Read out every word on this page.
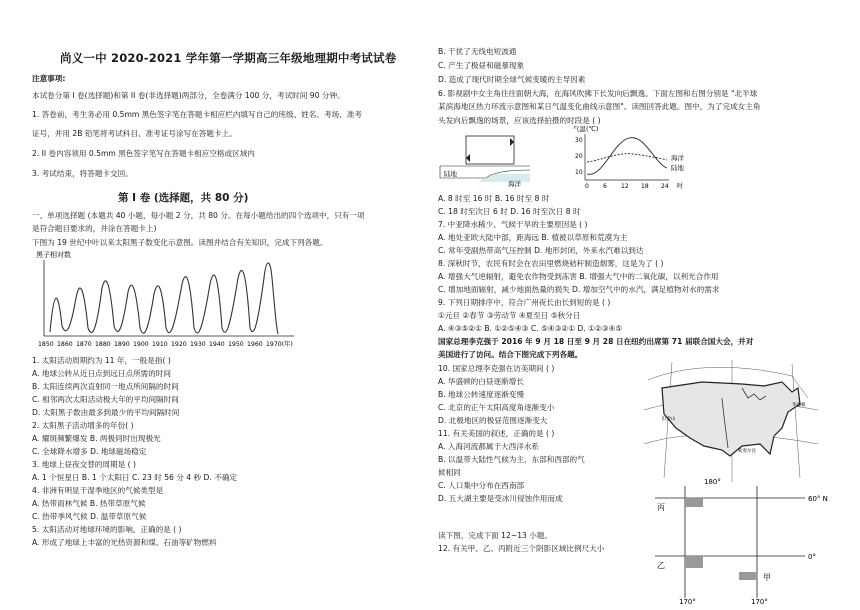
尚义一中 2020-2021 学年第一学期高三年级地理期中考试试卷
注意事项:
本试卷分第 I 卷(选择题)和第 II 卷(非选择题)两部分，全卷满分 100 分，考试时间 90 分钟。
1. 答卷前，考生务必用 0.5mm 黑色签字笔在答题卡相应栏内填写自己的班级、姓名、考场、准考
证号，并用 2B 铅笔将考试科目、准考证号涂写在答题卡上。
2. II 卷内容须用 0.5mm 黑色签字笔写在答题卡相应空格或区域内
3. 考试结束，将答题卡交回。
第 Ⅰ 卷 (选择题，共 80 分)
一、单项选择题 (本题共 40 小题，每小题 2 分，共 80 分。在每小题给出的四个选项中，只有一项
是符合题目要求的，并涂在答题卡上)
下图为 19 世纪中叶以来太阳黑子数变化示意图。读图并结合有关知识，完成下列各题。
黑子相对数
1850 1860 1870 1880 1890 1900 1910 1920 1930 1940 1950 1960 1970(年)
1. 太阳活动周期约为 11 年，一般是指( )
A. 地球公转从近日点到远日点所需的时间
B. 太阳连续两次直射同一地点所间隔的时间
C. 相邻两次太阳活动极大年的平均间隔时间
D. 太阳黑子数由最多到最少的平均间隔时间
2. 太阳黑子活动增多的年份( )
A. 耀斑频繁爆发 B. 两极同时出现极光
C. 全球降水增多 D. 地球磁场稳定
3. 地球上昼夜交替的周期是 ( )
A. 1 个恒星日 B. 1 个太阳日 C. 23 时 56 分 4 秒 D. 不确定
4. 非洲有明显干湿季地区的气候类型是
A. 热带雨林气候 B. 热带草原气候
C. 热带季风气候 D. 温带草原气候
5. 太阳活动对地球环境的影响，正确的是 ( )
A. 形成了地球上丰富的光热资源和煤、石油等矿物燃料
B. 干扰了无线电短波通
C. 产生了极昼和磁暴现象
D. 造成了现代时期全球气候变暖的主导因素
6. 影视剧中女主角往往面朝大海，在海风吹拂下长发向后飘逸。下面左图和右图分别是 "北半球
某滨海地区热力环流示意图和某日气温变化曲线示意图"。读图回答此题。图中，为了完成女主角
头发向后飘逸的场景，应该选择拍摄的时段是 ( )
陆地
海洋
气温(℃)
30
20
10
海洋
陆地
0 6 12 18 24 时
A. 8 时至 16 时 B. 16 时至 8 时
C. 18 时至次日 6 时 D. 16 时至次日 8 时
7. 中亚降水稀少、气候干旱的主要原因是 ( )
A. 地处亚欧大陆中部，距海远 B. 植被以草原和荒漠为主
C. 常年受副热带高气压控制 D. 地形封闭，外来水汽难以到达
8. 深秋时节，农民有时会在农田里燃烧秸秆制造烟雾，这是为了 ( )
A. 增强大气逆辐射，避免农作物受到冻害 B. 增强大气中的二氧化碳，以利光合作用
C. 增加地面辐射，减少地面热量的损失 D. 增加空气中的水汽，满足植物对水的需求
9. 下列日期排序中，符合广州夜长由长到短的是 ( )
①元旦 ②春节 ③劳动节 ④夏至日 ⑤秋分日
A. ④③⑤②① B. ①②⑤④③ C. ⑤④③②① D. ①②③④⑤
国家总理李克强于 2016 年 9 月 18 日至 9 月 28 日在纽约出席第 71 届联合国大会，并对
美国进行了访问。结合下图完成下列各题。
10. 国家总理李克强在访美期间 ( )
A. 华盛顿的白昼逐渐增长
B. 地球公转速度逐渐变慢
C. 北京的正午太阳高度角逐渐变小
D. 北极地区的极昼范围逐渐变大
11. 有关美国的叙述，正确的是 ( )
A. 入海河流都属于大西洋水系
B. 以温带大陆性气候为主，东部和西部的气
候相同
C. 人口集中分布在西南部
D. 五大湖主要是受冰川侵蚀作用而成
读下图，完成下面 12~13 小题。
12. 有关甲、乙、丙附近三个阴影区域比例尺大小
华盛顿
旧金山
新奥尔良
180°
60° N
0°
170°	170°
丙
乙
甲
